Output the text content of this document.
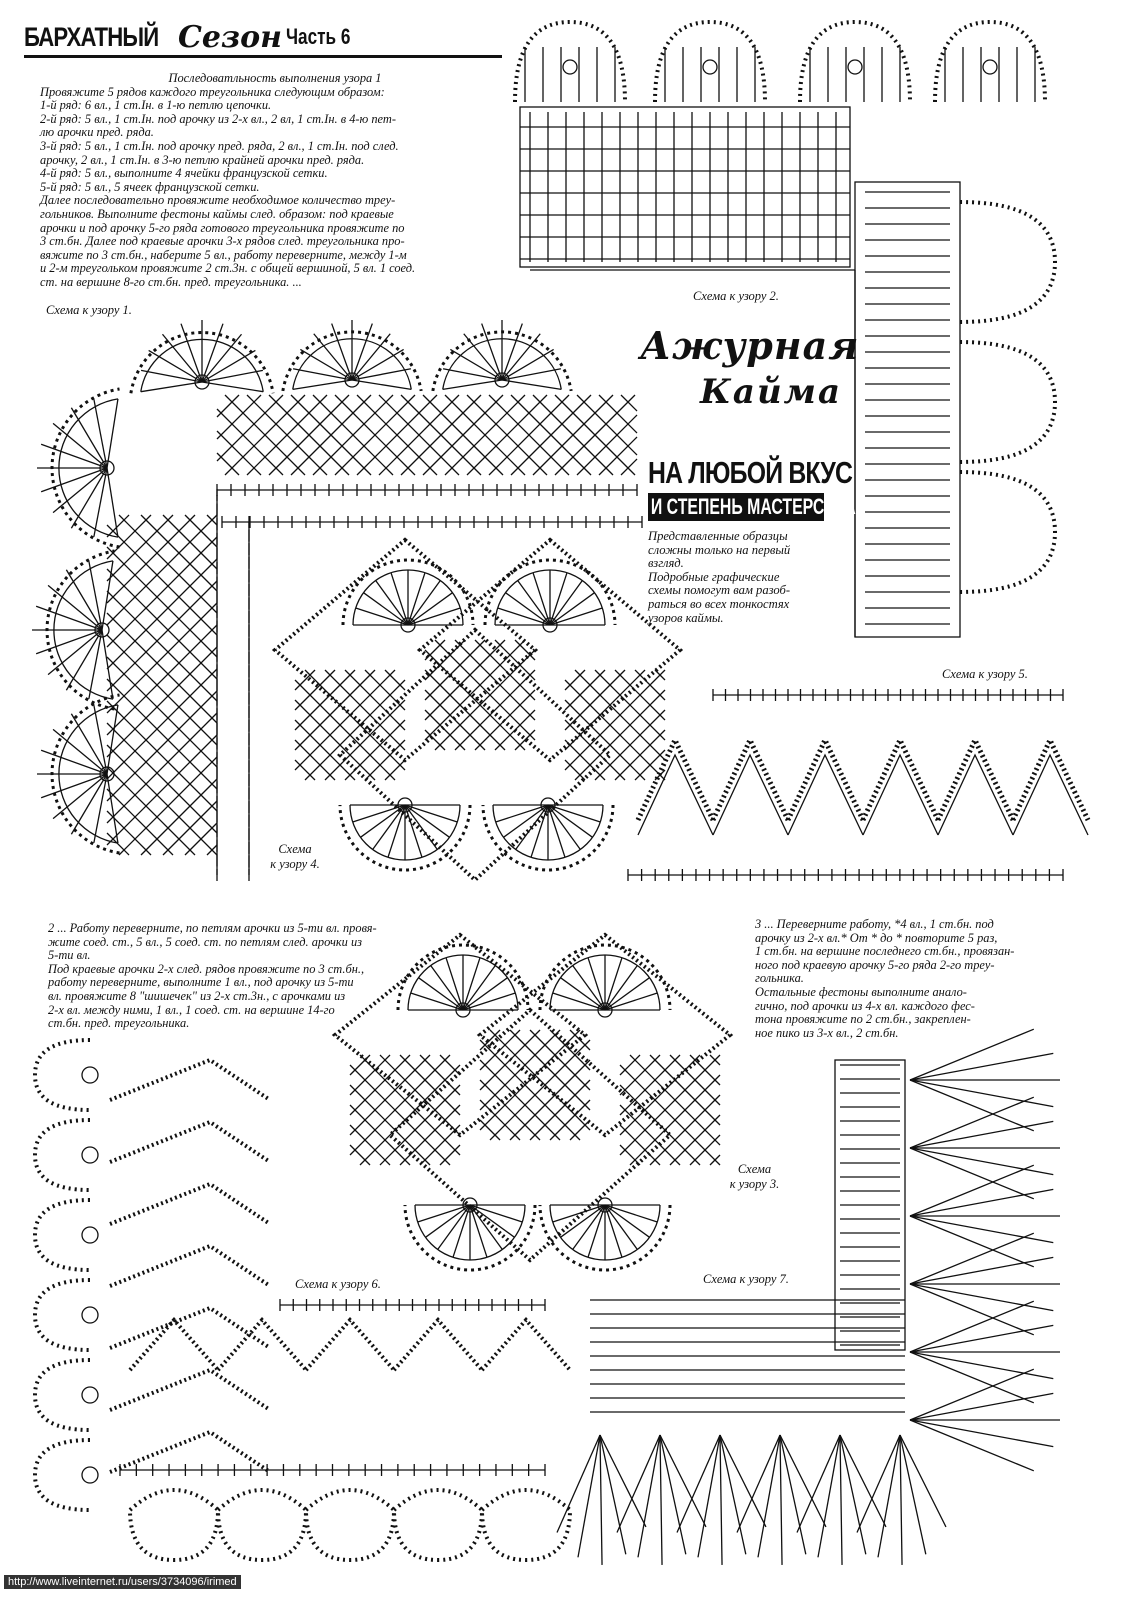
БАРХАТНЫЙ Сезон Часть 6

Последоватльность выполнения узора 1

Провяжите 5 рядов каждого треугольника следующим образом:

1-й ряд: 6 вл., 1 ст.Iн. в 1-ю петлю цепочки.

2-й ряд: 5 вл., 1 ст.Iн. под арочку из 2-х вл., 2 вл, 1 ст.Iн. в 4-ю пет-

лю арочки пред. ряда.

3-й ряд: 5 вл., 1 ст.Iн. под арочку пред. ряда, 2 вл., 1 ст.Iн. под след.

арочку, 2 вл., 1 ст.Iн. в 3-ю петлю крайней арочки пред. ряда.

4-й ряд: 5 вл., выполните 4 ячейки французской сетки.

5-й ряд: 5 вл., 5 ячеек французской сетки.

Далее последовательно провяжите необходимое количество треу-

гольников. Выполните фестоны каймы след. образом: под краевые

арочки и под арочку 5-го ряда готового треугольника провяжите по

3 ст.бн. Далее под краевые арочки 3-х рядов след. треугольника про-

вяжите по 3 ст.бн., наберите 5 вл., работу переверните, между 1-м

и 2-м треугольком провяжите 2 ст.3н. с общей вершиной, 5 вл. 1 соед.

ст. на вершине 8-го ст.бн. пред. треугольника. ...

Схема к узору 2.
Ажурная
Кайма
НА ЛЮБОЙ ВКУС
И СТЕПЕНЬ МАСТЕРСТВА

Представленные образцы

сложны только на первый

взгляд.

Подробные графические

схемы помогут вам разоб-

раться во всех тонкостях

узоров каймы.

Схема к узору 1.
Схема
к узору 4.
Схема к узору 5.

2 ... Работу переверните, по петлям арочки из 5-ти вл. провя-

жите соед. ст., 5 вл., 5 соед. ст. по петлям след. арочки из

5-ти вл.

Под краевые арочки 2-х след. рядов провяжите по 3 ст.бн.,

работу переверните, выполните 1 вл., под арочку из 5-ти

вл. провяжите 8 "шишечек" из 2-х ст.3н., с арочками из

2-х вл. между ними, 1 вл., 1 соед. ст. на вершине 14-го

ст.бн. пред. треугольника.

3 ... Переверните работу, *4 вл., 1 ст.бн. под

арочку из 2-х вл.* От * до * повторите 5 раз,

1 ст.бн. на вершине последнего ст.бн., провязан-

ного под краевую арочку 5-го ряда 2-го треу-

гольника.

Остальные фестоны выполните анало-

гично, под арочки из 4-х вл. каждого фес-

тона провяжите по 2 ст.бн., закреплен-

ное пико из 3-х вл., 2 ст.бн.

Схема
к узору 3.
Схема к узору 6.	Схема к узору 7.
http://www.liveinternet.ru/users/3734096/irimed
